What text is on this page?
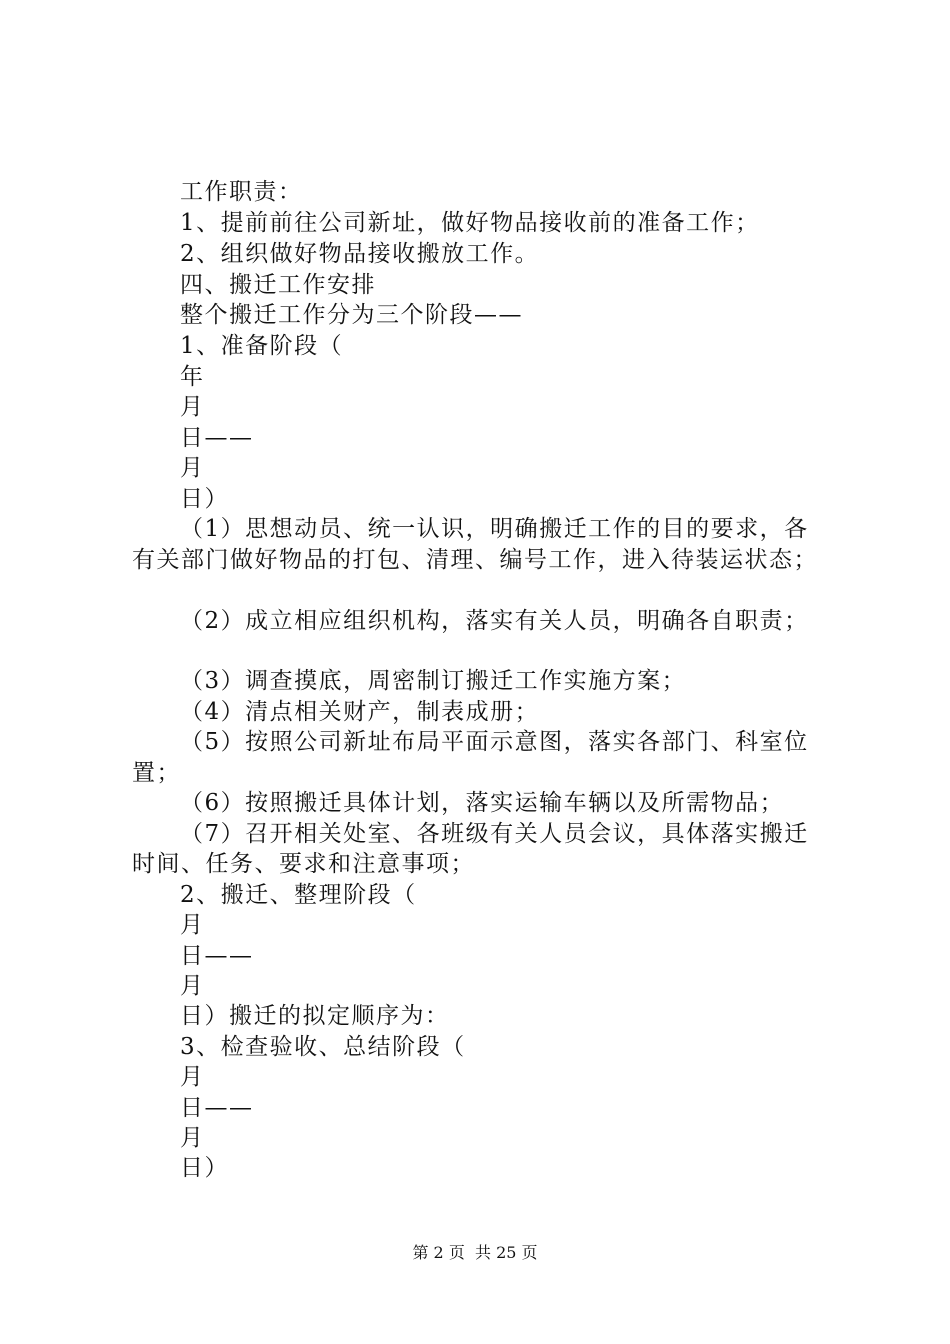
工作职责：
1、提前前往公司新址，做好物品接收前的准备工作；
2、组织做好物品接收搬放工作。
四、搬迁工作安排
整个搬迁工作分为三个阶段——
1、准备阶段（
年
月
日——
月
日）
（1）思想动员、统一认识，明确搬迁工作的目的要求，各
有关部门做好物品的打包、清理、编号工作，进入待装运状态；
（2）成立相应组织机构，落实有关人员，明确各自职责；
（3）调查摸底，周密制订搬迁工作实施方案；
（4）清点相关财产，制表成册；
（5）按照公司新址布局平面示意图，落实各部门、科室位
置；
（6）按照搬迁具体计划，落实运输车辆以及所需物品；
（7）召开相关处室、各班级有关人员会议，具体落实搬迁
时间、任务、要求和注意事项；
2、搬迁、整理阶段（
月
日——
月
日）搬迁的拟定顺序为：
3、检查验收、总结阶段（
月
日——
月
日）
第 2 页  共 25 页
